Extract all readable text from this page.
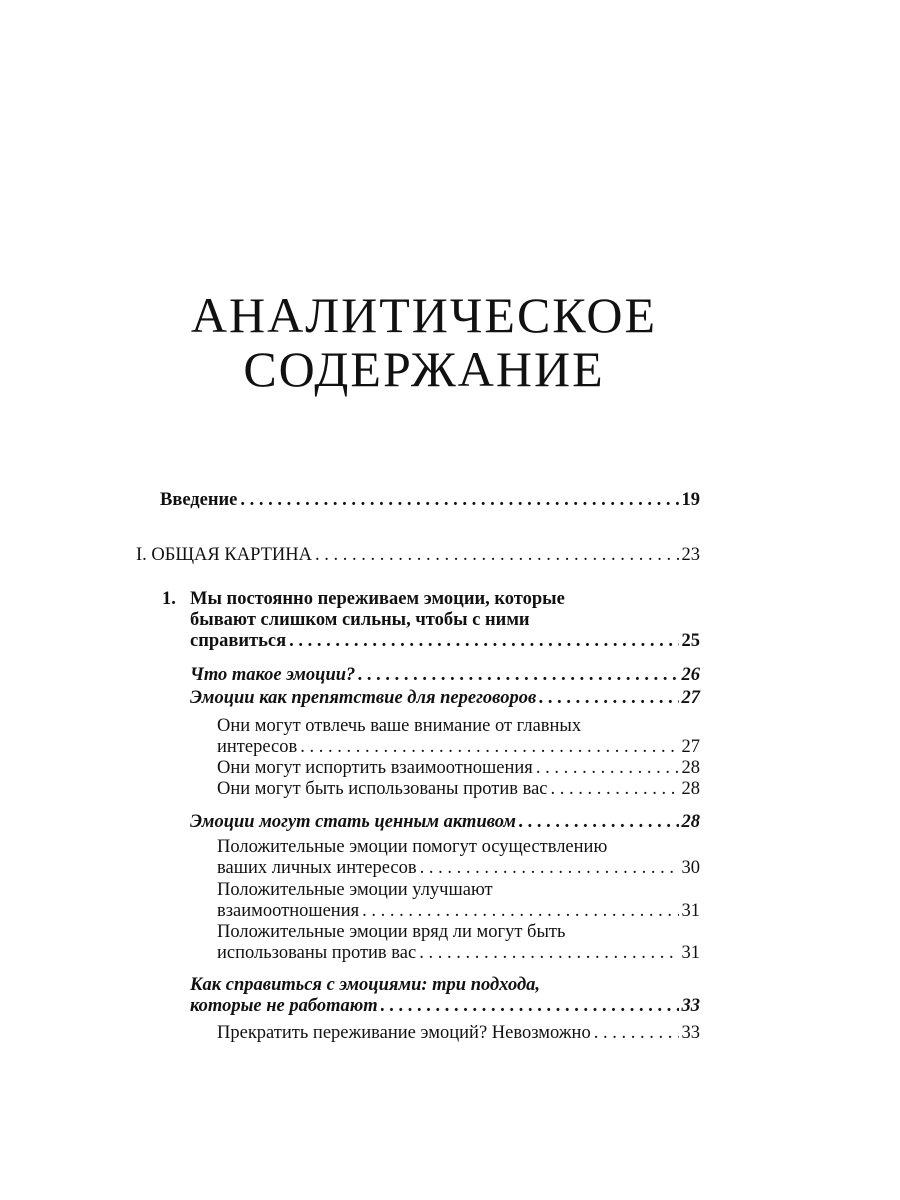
АНАЛИТИЧЕСКОЕ
СОДЕРЖАНИЕ
Введение . . .	19
I. ОБЩАЯ КАРТИНА . . .	23
1. Мы постоянно переживаем эмоции, которые
бывают слишком сильны, чтобы с ними
справиться . . .	25
Что такое эмоции? . . .	26
Эмоции как препятствие для переговоров . . .	27
Они могут отвлечь ваше внимание от главных
интересов . . .	27
Они могут испортить взаимоотношения . . .	28
Они могут быть использованы против вас . . .	28
Эмоции могут стать ценным активом . . .	28
Положительные эмоции помогут осуществлению
ваших личных интересов . . .	30
Положительные эмоции улучшают
взаимоотношения . . .	31
Положительные эмоции вряд ли могут быть
использованы против вас . . .	31
Как справиться с эмоциями: три подхода,
которые не работают . . .	33
Прекратить переживание эмоций? Невозможно . . .	33
